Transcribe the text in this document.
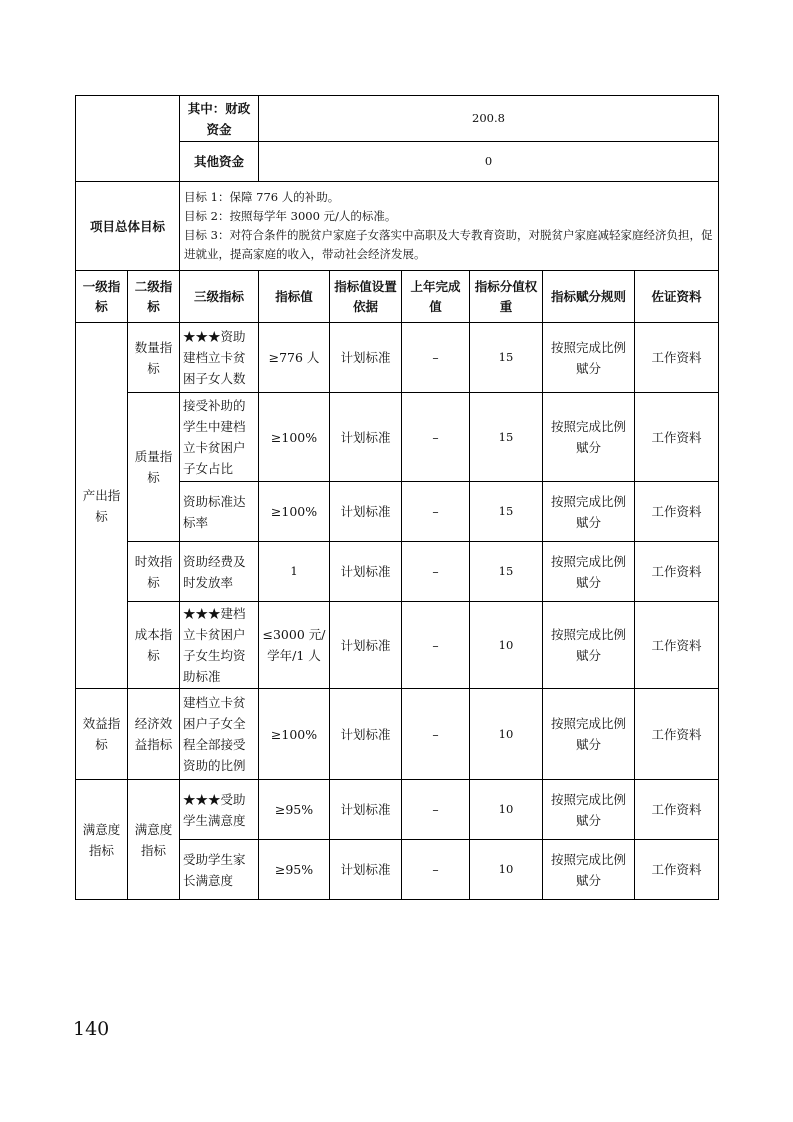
		其中：财政资金	200.8					
		其他资金	0					
项目总体目标		目标 1：保障 776 人的补助。
目标 2：按照每学年 3000 元/人的标准。
目标 3：对符合条件的脱贫户家庭子女落实中高职及大专教育资助，对脱贫户家庭减轻家庭经济负担，促进就业，提高家庭的收入，带动社会经济发展。						

一级指标	二级指标	三级指标	指标值	指标值设置依据	上年完成值	指标分值权重	指标赋分规则	佐证资料
产出指标	数量指标	★★★资助建档立卡贫困子女人数	≥776 人	计划标准	–	15	按照完成比例赋分	工作资料
	质量指标	接受补助的学生中建档立卡贫困户子女占比	≥100%	计划标准	–	15	按照完成比例赋分	工作资料
		资助标准达标率	≥100%	计划标准	–	15	按照完成比例赋分	工作资料
	时效指标	资助经费及时发放率	1	计划标准	–	15	按照完成比例赋分	工作资料
	成本指标	★★★建档立卡贫困户子女生均资助标准	≤3000 元/学年/1 人	计划标准	–	10	按照完成比例赋分	工作资料
效益指标	经济效益指标	建档立卡贫困户子女全程全部接受资助的比例	≥100%	计划标准	–	10	按照完成比例赋分	工作资料
满意度指标	满意度指标	★★★受助学生满意度	≥95%	计划标准	–	10	按照完成比例赋分	工作资料
		受助学生家长满意度	≥95%	计划标准	–	10	按照完成比例赋分	工作资料
140
